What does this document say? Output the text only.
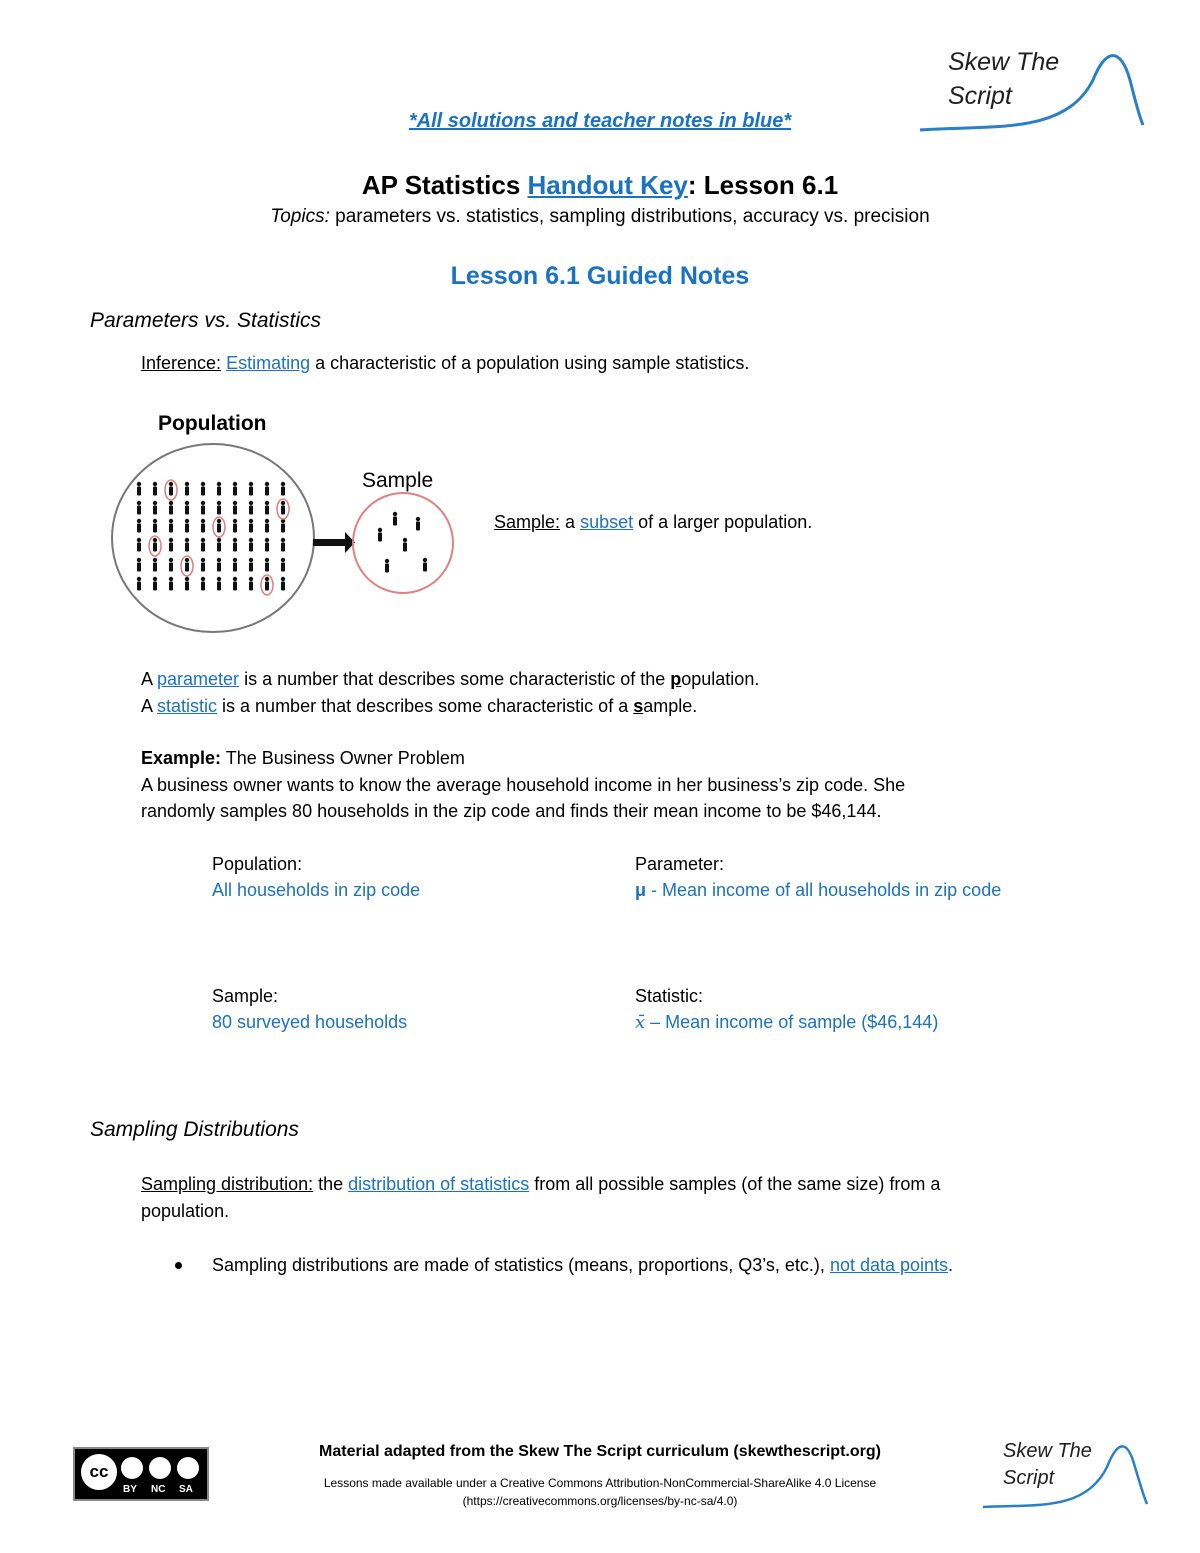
Skew The
Script
*All solutions and teacher notes in blue*
AP Statistics Handout Key: Lesson 6.1
Topics: parameters vs. statistics, sampling distributions, accuracy vs. precision
Lesson 6.1 Guided Notes
Parameters vs. Statistics
Inference: Estimating a characteristic of a population using sample statistics.
Population
Sample
Sample: a subset of a larger population.
A parameter is a number that describes some characteristic of the population.
A statistic is a number that describes some characteristic of a sample.
Example: The Business Owner Problem
A business owner wants to know the average household income in her business’s zip code. She
randomly samples 80 households in the zip code and finds their mean income to be $46,144.
Population:
All households in zip code
Parameter:
μ - Mean income of all households in zip code
Sample:
80 surveyed households
Statistic:
x̄ – Mean income of sample ($46,144)
Sampling Distributions
Sampling distribution: the distribution of statistics from all possible samples (of the same size) from a
population.
Sampling distributions are made of statistics (means, proportions, Q3’s, etc.), not data points.
cc
BY NC SA
Material adapted from the Skew The Script curriculum (skewthescript.org)
Lessons made available under a Creative Commons Attribution-NonCommercial-ShareAlike 4.0 License
(https://creativecommons.org/licenses/by-nc-sa/4.0)
Skew The
Script
